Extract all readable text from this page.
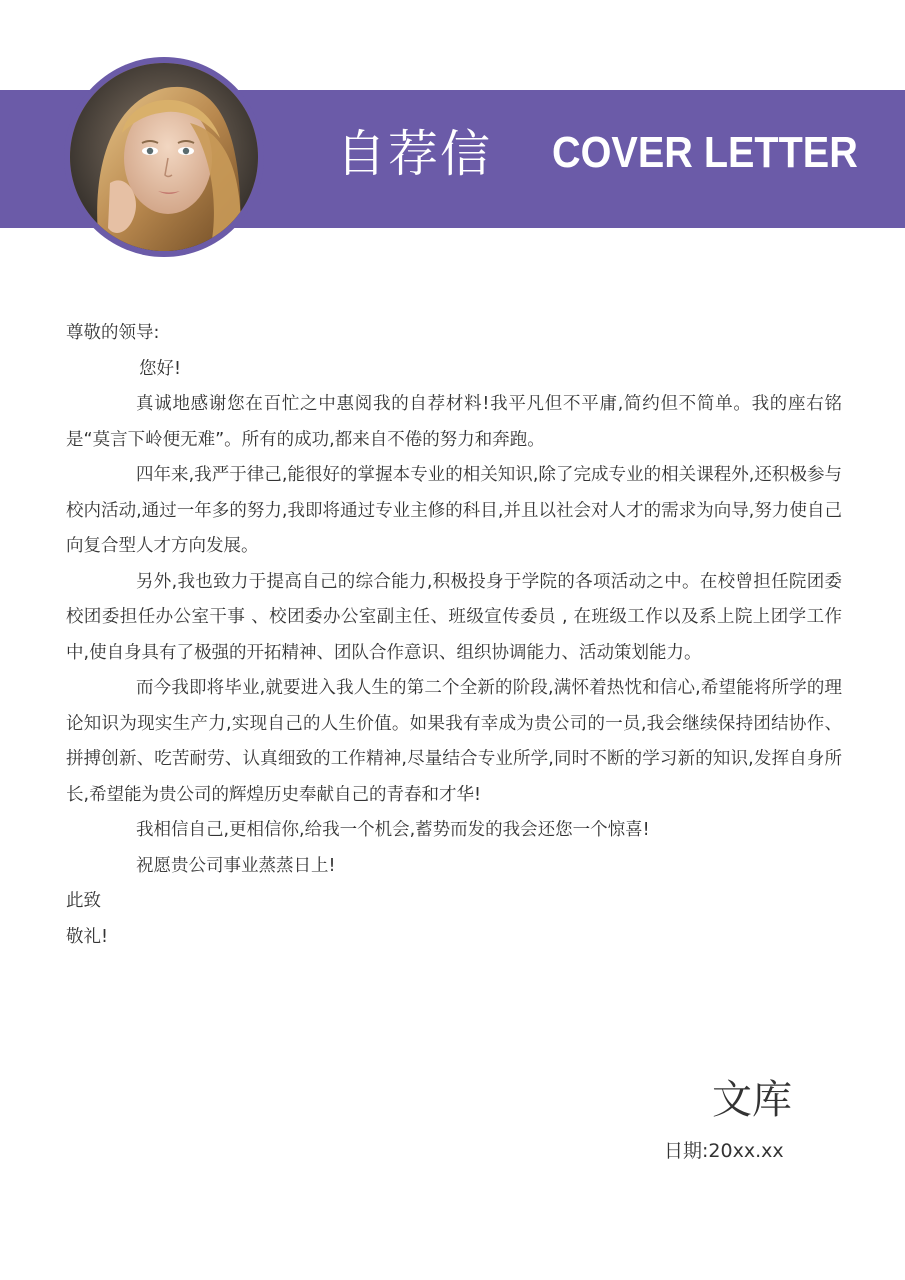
自荐信 COVER LETTER

尊敬的领导:

您好!

真诚地感谢您在百忙之中惠阅我的自荐材料!我平凡但不平庸,简约但不简单。我的座右铭是“莫言下岭便无难”。所有的成功,都来自不倦的努力和奔跑。

四年来,我严于律己,能很好的掌握本专业的相关知识,除了完成专业的相关课程外,还积极参与校内活动,通过一年多的努力,我即将通过专业主修的科目,并且以社会对人才的需求为向导,努力使自己向复合型人才方向发展。

另外,我也致力于提高自己的综合能力,积极投身于学院的各项活动之中。在校曾担任院团委校团委担任办公室干事 、校团委办公室副主任、班级宣传委员 , 在班级工作以及系上院上团学工作中,使自身具有了极强的开拓精神、团队合作意识、组织协调能力、活动策划能力。

而今我即将毕业,就要进入我人生的第二个全新的阶段,满怀着热忱和信心,希望能将所学的理论知识为现实生产力,实现自己的人生价值。如果我有幸成为贵公司的一员,我会继续保持团结协作、拼搏创新、吃苦耐劳、认真细致的工作精神,尽量结合专业所学,同时不断的学习新的知识,发挥自身所长,希望能为贵公司的辉煌历史奉献自己的青春和才华!

我相信自己,更相信你,给我一个机会,蓄势而发的我会还您一个惊喜!

祝愿贵公司事业蒸蒸日上!

此致

敬礼!

文库
日期:20xx.xx
